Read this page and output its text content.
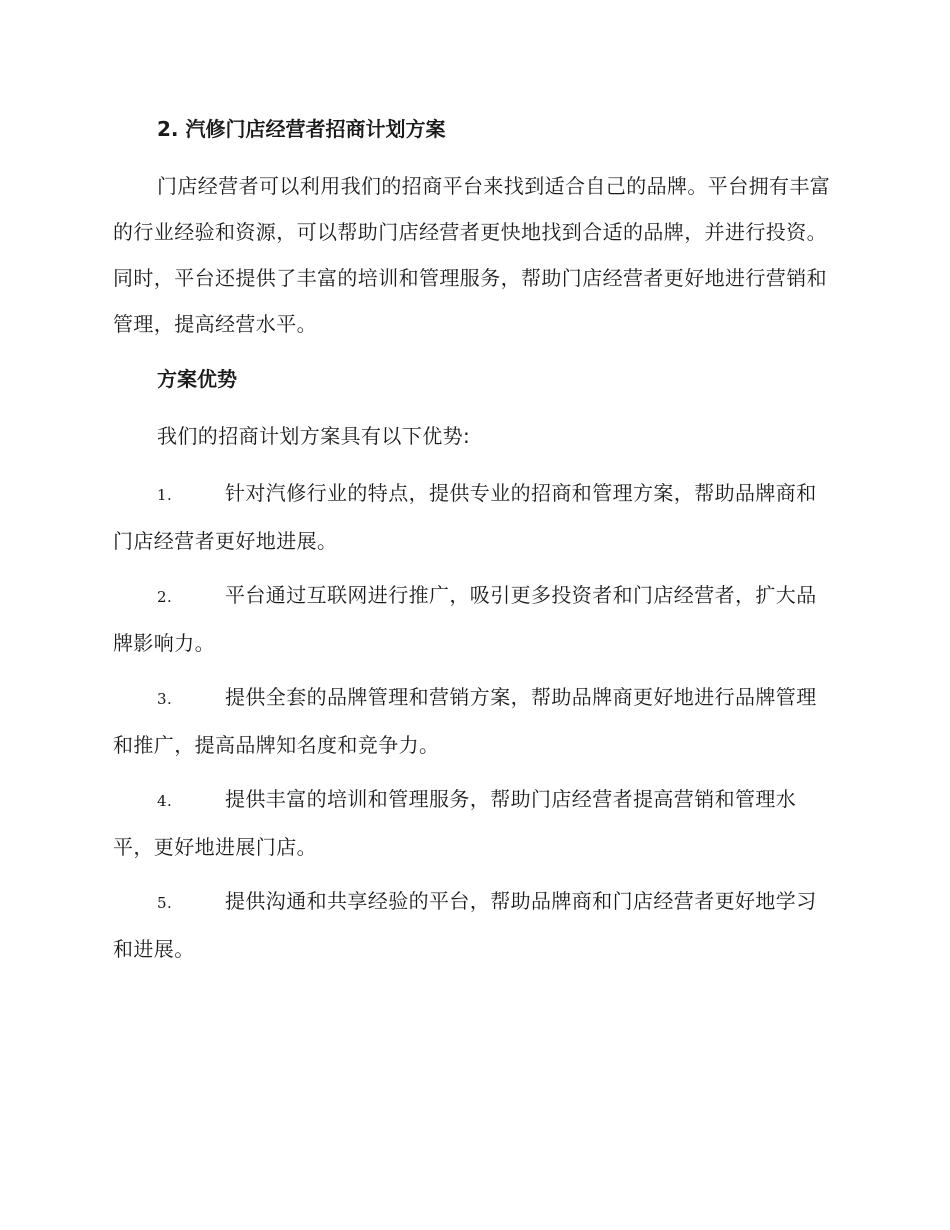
2. 汽修门店经营者招商计划方案

门店经营者可以利用我们的招商平台来找到适合自己的品牌。平台拥有丰富的行业经验和资源，可以帮助门店经营者更快地找到合适的品牌，并进行投资。同时，平台还提供了丰富的培训和管理服务，帮助门店经营者更好地进行营销和管理，提高经营水平。

方案优势

我们的招商计划方案具有以下优势:

1.	针对汽修行业的特点，提供专业的招商和管理方案，帮助品牌商和门店经营者更好地进展。
2.	平台通过互联网进行推广，吸引更多投资者和门店经营者，扩大品牌影响力。
3.	提供全套的品牌管理和营销方案，帮助品牌商更好地进行品牌管理和推广，提高品牌知名度和竞争力。
4.	提供丰富的培训和管理服务，帮助门店经营者提高营销和管理水平，更好地进展门店。
5.	提供沟通和共享经验的平台，帮助品牌商和门店经营者更好地学习和进展。
